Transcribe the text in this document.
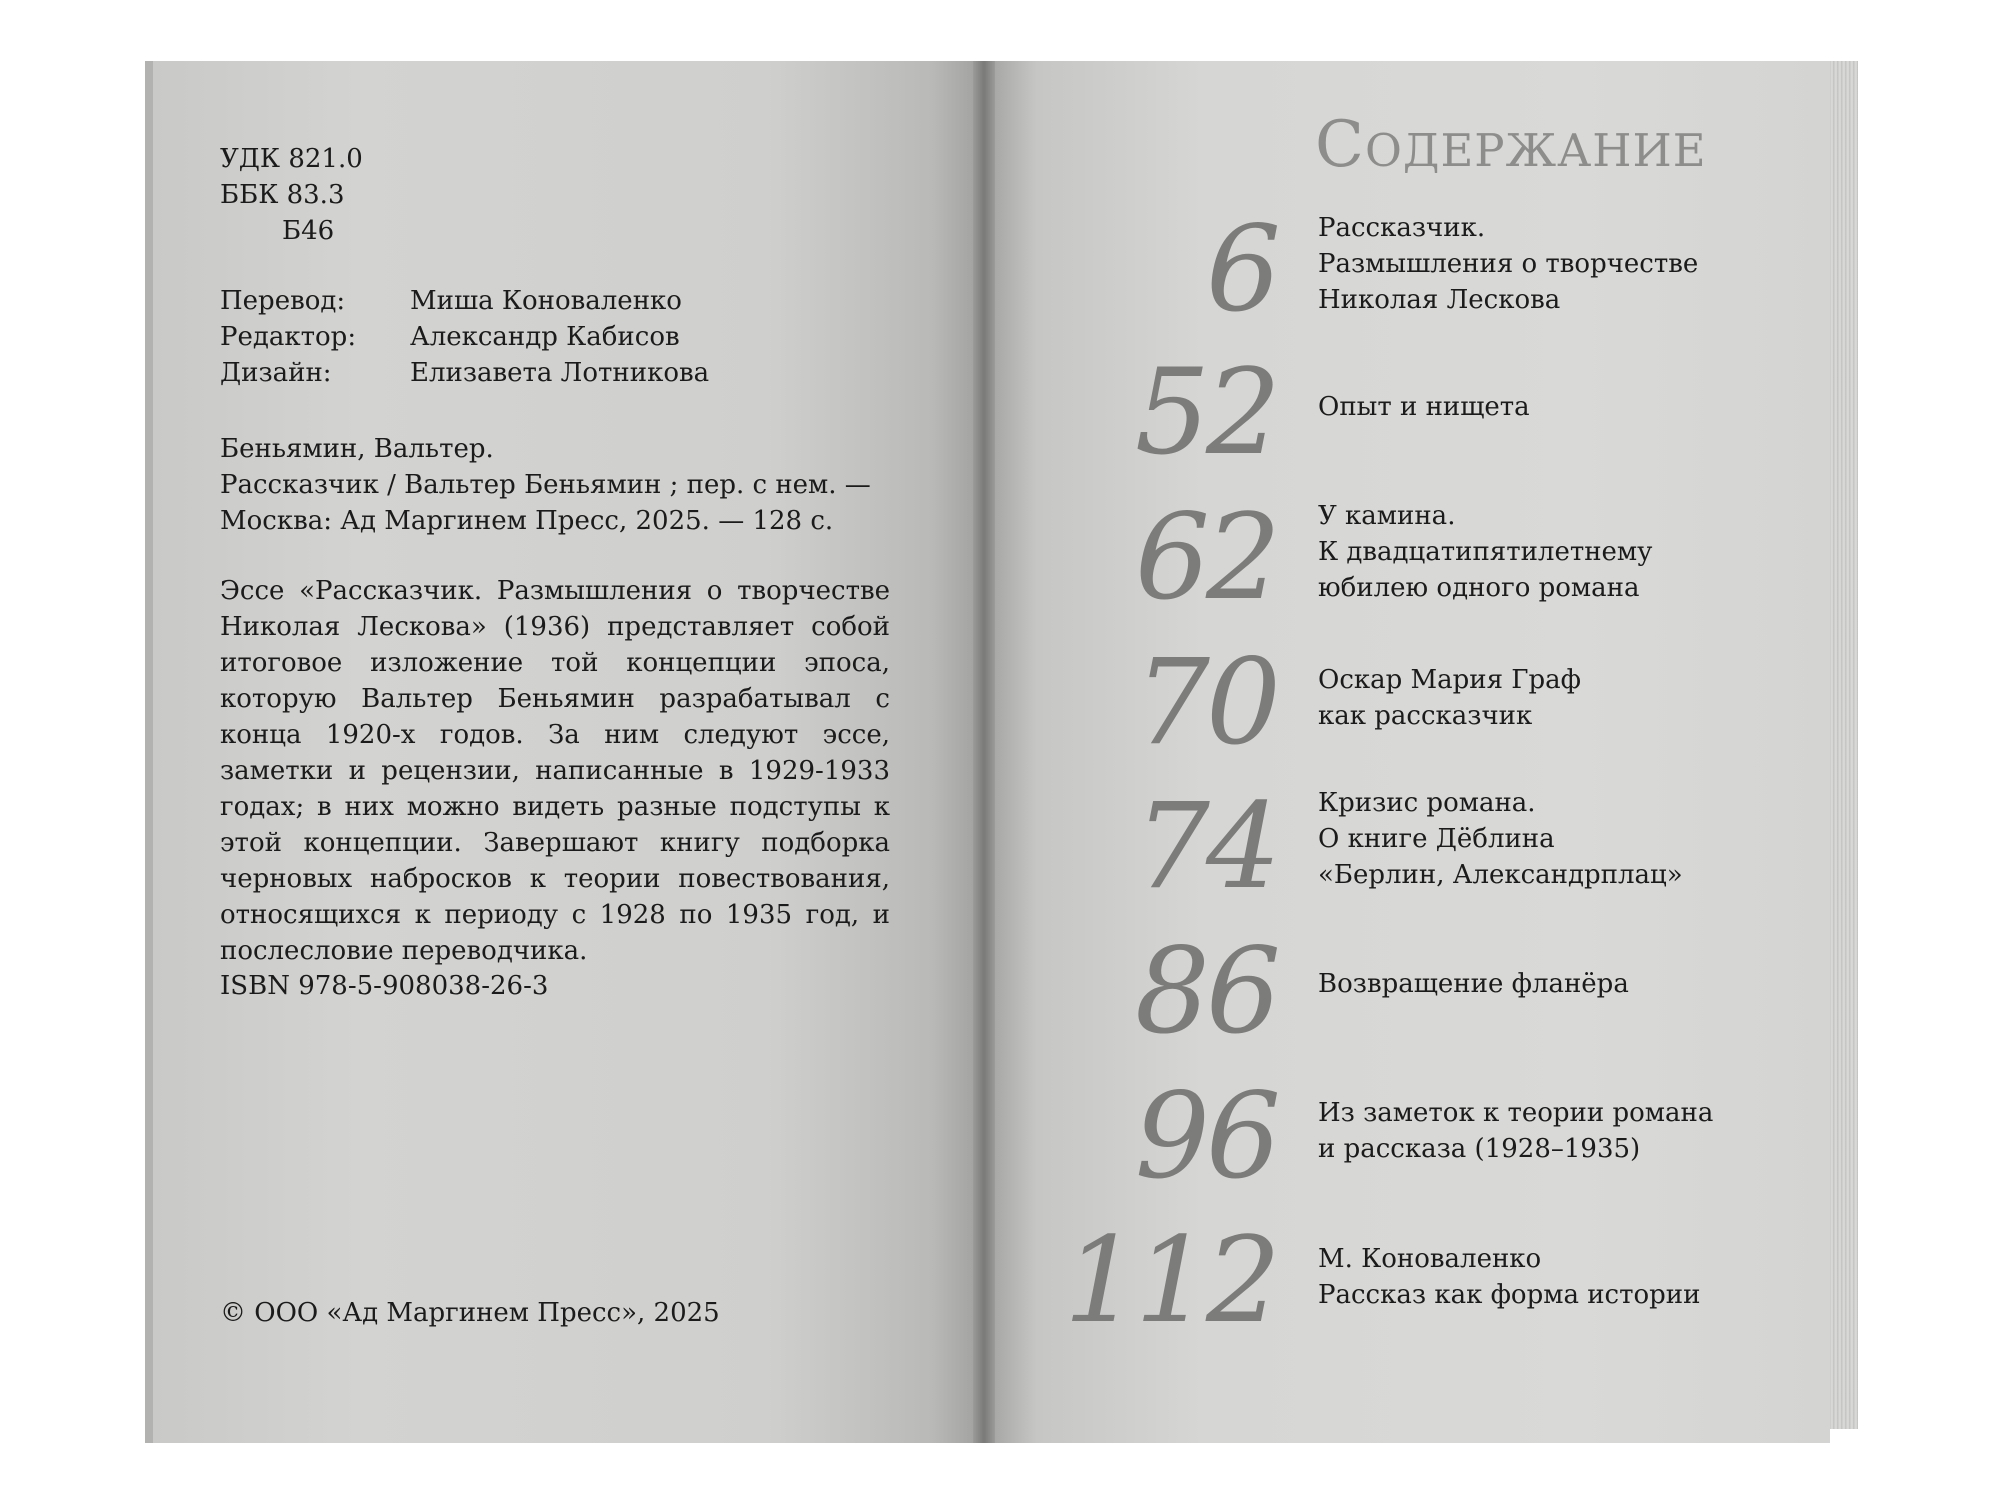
УДК 821.0
ББК 83.3
Б46
Перевод: Миша Коноваленко
Редактор: Александр Кабисов
Дизайн:	Елизавета Лотникова
Беньямин, Вальтер.
Рассказчик / Вальтер Беньямин ; пер. с нем. —
Москва: Ад Маргинем Пресс, 2025. — 128 с.
Эссе «Рассказчик. Размышления о творчестве Николая Лескова» (1936) представляет собой итоговое изложение той концепции эпоса, которую Вальтер Беньямин разрабатывал с конца 1920-х годов. За ним следуют эссе, заметки и рецензии, написанные в 1929-1933 годах; в них можно видеть разные подступы к этой концепции. Завершают книгу подборка черновых набросков к теории повествования, относящихся к периоду с 1928 по 1935 год, и послесловие переводчика.
ISBN 978-5-908038-26-3
© ООО «Ад Маргинем Пресс», 2025
Содержание
6 Рассказчик.
Размышления о творчестве
Николая Лескова
52 Опыт и нищета
62 У камина.
К двадцатипятилетнему
юбилею одного романа
70 Оскар Мария Граф
как рассказчик
74 Кризис романа.
О книге Дёблина
«Берлин, Александрплац»
86 Возвращение фланёра
96 Из заметок к теории романа
и рассказа (1928–1935)
112 М. Коноваленко
Рассказ как форма истории
